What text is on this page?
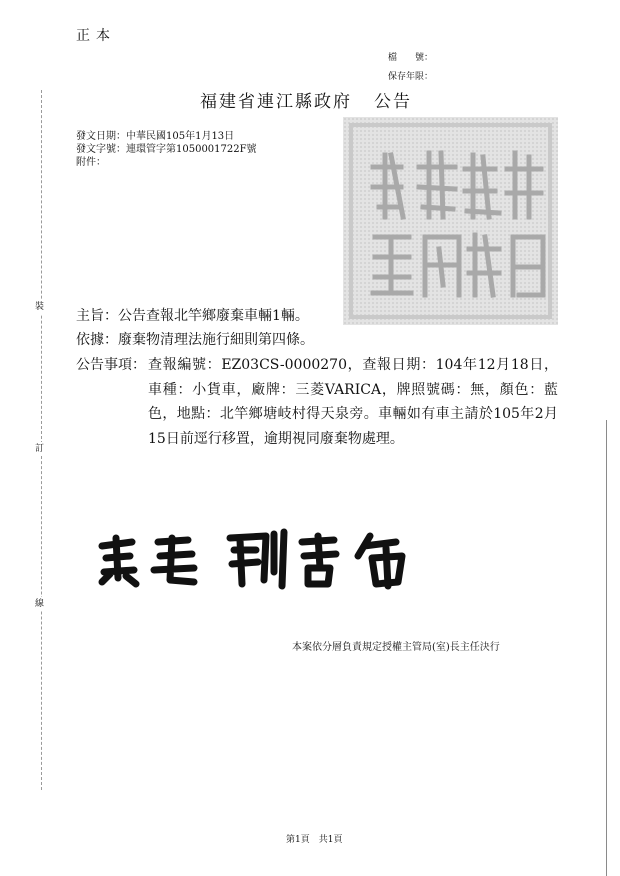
裝
訂
線
正本
檔　　號：
保存年限：
福建省連江縣政府 公告
發文日期：中華民國105年1月13日
發文字號：連環管字第1050001722F號
附件：
主旨：公告查報北竿鄉廢棄車輛1輛。
依據：廢棄物清理法施行細則第四條。
公告事項： 查報編號：EZ03CS-0000270，查報日期：104年12月18日，車種：小貨車，廠牌：三菱VARICA，牌照號碼：無，顏色：藍色，地點：北竿鄉塘岐村得天泉旁。車輛如有車主請於105年2月15日前逕行移置，逾期視同廢棄物處理。
本案依分層負責規定授權主管局(室)長主任決行
第1頁　共1頁
